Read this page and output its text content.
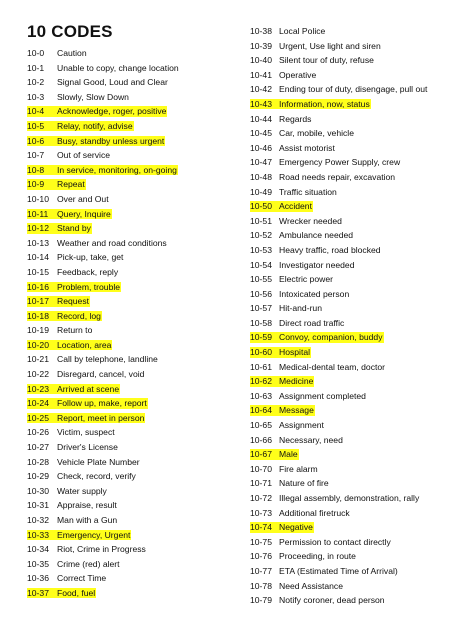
10 CODES
10-0 Caution
10-1 Unable to copy, change location
10-2 Signal Good, Loud and Clear
10-3 Slowly, Slow Down
10-4 Acknowledge, roger, positive
10-5 Relay, notify, advise
10-6 Busy, standby unless urgent
10-7 Out of service
10-8 In service, monitoring, on-going
10-9 Repeat
10-10 Over and Out
10-11 Query, Inquire
10-12 Stand by
10-13 Weather and road conditions
10-14 Pick-up, take, get
10-15 Feedback, reply
10-16 Problem, trouble
10-17 Request
10-18 Record, log
10-19 Return to
10-20 Location, area
10-21 Call by telephone, landline
10-22 Disregard, cancel, void
10-23 Arrived at scene
10-24 Follow up, make, report
10-25 Report, meet in person
10-26 Victim, suspect
10-27 Driver's License
10-28 Vehicle Plate Number
10-29 Check, record, verify
10-30 Water supply
10-31 Appraise, result
10-32 Man with a Gun
10-33 Emergency, Urgent
10-34 Riot, Crime in Progress
10-35 Crime (red) alert
10-36 Correct Time
10-37 Food, fuel
10-38 Local Police
10-39 Urgent, Use light and siren
10-40 Silent tour of duty, refuse
10-41 Operative
10-42 Ending tour of duty, disengage, pull out
10-43 Information, now, status
10-44 Regards
10-45 Car, mobile, vehicle
10-46 Assist motorist
10-47 Emergency Power Supply, crew
10-48 Road needs repair, excavation
10-49 Traffic situation
10-50 Accident
10-51 Wrecker needed
10-52 Ambulance needed
10-53 Heavy traffic, road blocked
10-54 Investigator needed
10-55 Electric power
10-56 Intoxicated person
10-57 Hit-and-run
10-58 Direct road traffic
10-59 Convoy, companion, buddy
10-60 Hospital
10-61 Medical-dental team, doctor
10-62 Medicine
10-63 Assignment completed
10-64 Message
10-65 Assignment
10-66 Necessary, need
10-67 Male
10-70 Fire alarm
10-71 Nature of fire
10-72 Illegal assembly, demonstration, rally
10-73 Additional firetruck
10-74 Negative
10-75 Permission to contact directly
10-76 Proceeding, in route
10-77 ETA (Estimated Time of Arrival)
10-78 Need Assistance
10-79 Notify coroner, dead person
